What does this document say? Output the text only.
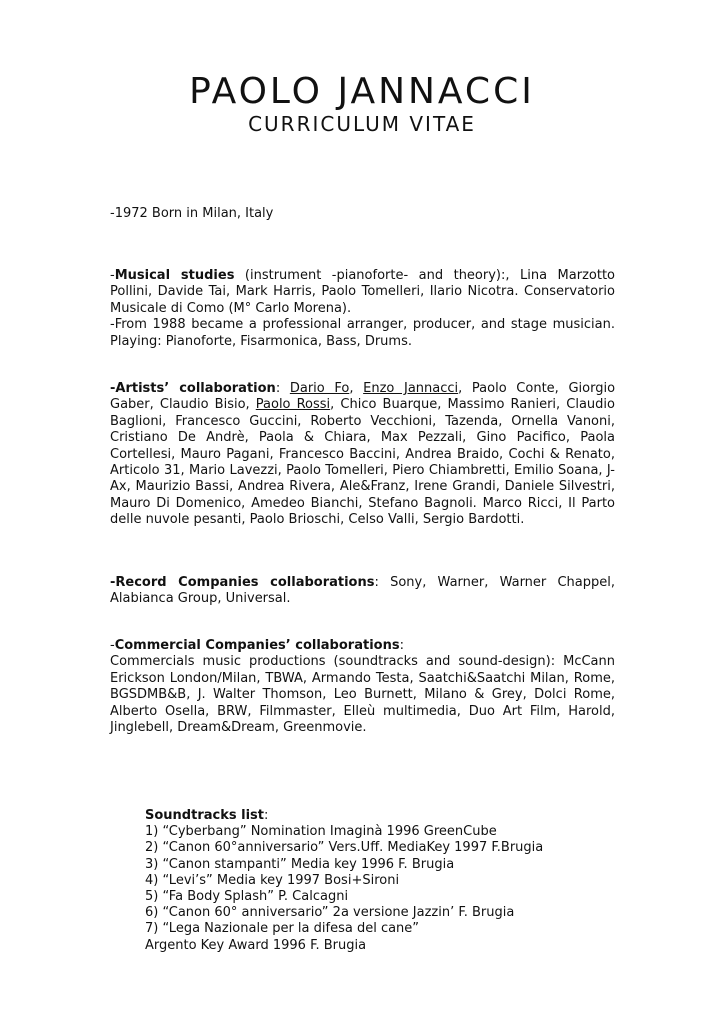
PAOLO JANNACCI
CURRICULUM VITAE

-1972 Born in Milan, Italy

-Musical studies (instrument -pianoforte- and theory):, Lina Marzotto Pollini, Davide Tai, Mark Harris, Paolo Tomelleri, Ilario Nicotra. Conservatorio Musicale di Como (M° Carlo Morena).
-From 1988 became a professional arranger, producer, and stage musician. Playing: Pianoforte, Fisarmonica, Bass, Drums.
-Artists’ collaboration: Dario Fo, Enzo Jannacci, Paolo Conte, Giorgio Gaber, Claudio Bisio, Paolo Rossi, Chico Buarque, Massimo Ranieri, Claudio Baglioni, Francesco Guccini, Roberto Vecchioni, Tazenda, Ornella Vanoni, Cristiano De Andrè, Paola & Chiara, Max Pezzali, Gino Pacifico, Paola Cortellesi, Mauro Pagani, Francesco Baccini, Andrea Braido, Cochi & Renato, Articolo 31, Mario Lavezzi, Paolo Tomelleri, Piero Chiambretti, Emilio Soana, J-Ax, Maurizio Bassi, Andrea Rivera, Ale&Franz, Irene Grandi, Daniele Silvestri, Mauro Di Domenico, Amedeo Bianchi, Stefano Bagnoli. Marco Ricci, Il Parto delle nuvole pesanti, Paolo Brioschi, Celso Valli, Sergio Bardotti.
-Record Companies collaborations: Sony, Warner, Warner Chappel, Alabianca Group, Universal.
-Commercial Companies’ collaborations:
Commercials music productions (soundtracks and sound-design): McCann Erickson London/Milan, TBWA, Armando Testa, Saatchi&Saatchi Milan, Rome, BGSDMB&B, J. Walter Thomson, Leo Burnett, Milano & Grey, Dolci Rome, Alberto Osella, BRW, Filmmaster, Elleù multimedia, Duo Art Film, Harold, Jinglebell, Dream&Dream, Greenmovie.
Soundtracks list:
1) “Cyberbang” Nomination Imaginà 1996 GreenCube
2) “Canon 60°anniversario” Vers.Uff. MediaKey 1997 F.Brugia
3) “Canon stampanti” Media key 1996 F. Brugia
4) “Levi’s” Media key 1997 Bosi+Sironi
5) “Fa Body Splash” P. Calcagni
6) “Canon 60° anniversario” 2a versione Jazzin’ F. Brugia
7) “Lega Nazionale per la difesa del cane”
Argento Key Award 1996 F. Brugia
